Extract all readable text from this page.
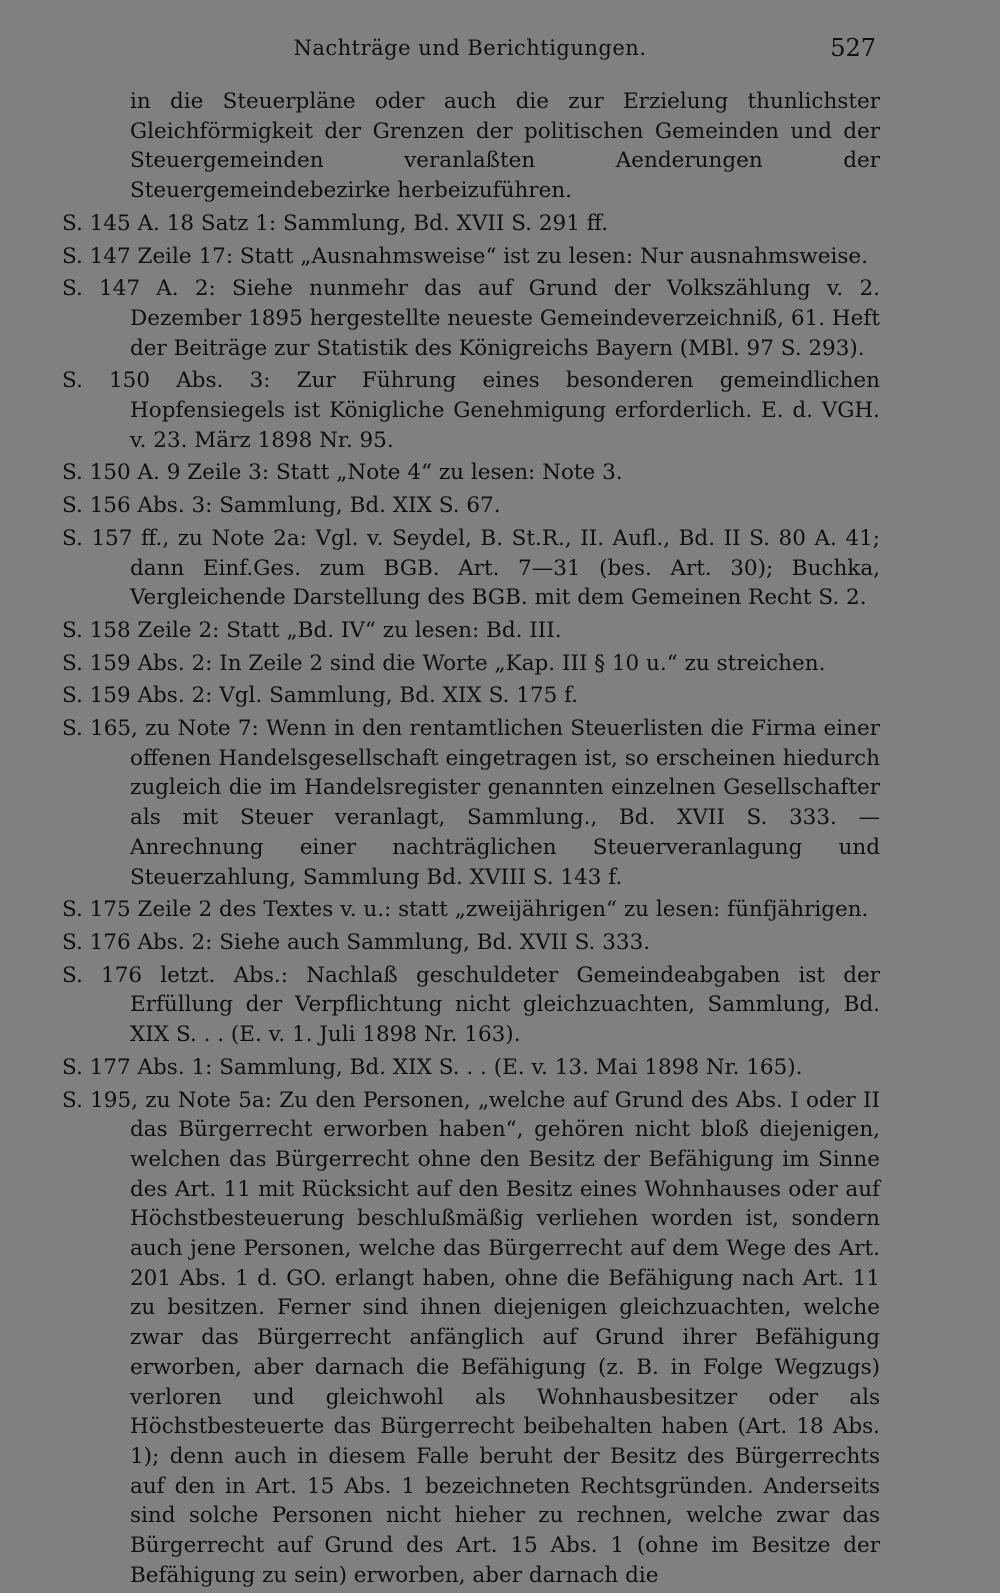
Nachträge und Berichtigungen.	527

in die Steuerpläne oder auch die zur Erzielung thunlichster Gleichförmigkeit der Grenzen der politischen Gemeinden und der Steuergemeinden veranlaßten Aenderungen der Steuergemeindebezirke herbeizuführen.

S. 145 A. 18 Satz 1: Sammlung, Bd. XVII S. 291 ff.

S. 147 Zeile 17: Statt „Ausnahmsweise“ ist zu lesen: Nur ausnahmsweise.

S. 147 A. 2: Siehe nunmehr das auf Grund der Volkszählung v. 2. Dezember 1895 hergestellte neueste Gemeindeverzeichniß, 61. Heft der Beiträge zur Statistik des Königreichs Bayern (MBl. 97 S. 293).

S. 150 Abs. 3: Zur Führung eines besonderen gemeindlichen Hopfensiegels ist Königliche Genehmigung erforderlich. E. d. VGH. v. 23. März 1898 Nr. 95.

S. 150 A. 9 Zeile 3: Statt „Note 4“ zu lesen: Note 3.

S. 156 Abs. 3: Sammlung, Bd. XIX S. 67.

S. 157 ff., zu Note 2a: Vgl. v. Seydel, B. St.R., II. Aufl., Bd. II S. 80 A. 41; dann Einf.Ges. zum BGB. Art. 7—31 (bes. Art. 30); Buchka, Vergleichende Darstellung des BGB. mit dem Gemeinen Recht S. 2.

S. 158 Zeile 2: Statt „Bd. IV“ zu lesen: Bd. III.

S. 159 Abs. 2: In Zeile 2 sind die Worte „Kap. III § 10 u.“ zu streichen.

S. 159 Abs. 2: Vgl. Sammlung, Bd. XIX S. 175 f.

S. 165, zu Note 7: Wenn in den rentamtlichen Steuerlisten die Firma einer offenen Handelsgesellschaft eingetragen ist, so erscheinen hiedurch zugleich die im Handelsregister genannten einzelnen Gesellschafter als mit Steuer veranlagt, Sammlung., Bd. XVII S. 333. — Anrechnung einer nachträglichen Steuerveranlagung und Steuerzahlung, Sammlung Bd. XVIII S. 143 f.

S. 175 Zeile 2 des Textes v. u.: statt „zweijährigen“ zu lesen: fünfjährigen.

S. 176 Abs. 2: Siehe auch Sammlung, Bd. XVII S. 333.

S. 176 letzt. Abs.: Nachlaß geschuldeter Gemeindeabgaben ist der Erfüllung der Verpflichtung nicht gleichzuachten, Sammlung, Bd. XIX S. . . (E. v. 1. Juli 1898 Nr. 163).

S. 177 Abs. 1: Sammlung, Bd. XIX S. . . (E. v. 13. Mai 1898 Nr. 165).

S. 195, zu Note 5a: Zu den Personen, „welche auf Grund des Abs. I oder II das Bürgerrecht erworben haben“, gehören nicht bloß diejenigen, welchen das Bürgerrecht ohne den Besitz der Befähigung im Sinne des Art. 11 mit Rücksicht auf den Besitz eines Wohnhauses oder auf Höchstbesteuerung beschlußmäßig verliehen worden ist, sondern auch jene Personen, welche das Bürgerrecht auf dem Wege des Art. 201 Abs. 1 d. GO. erlangt haben, ohne die Befähigung nach Art. 11 zu besitzen. Ferner sind ihnen diejenigen gleichzuachten, welche zwar das Bürgerrecht anfänglich auf Grund ihrer Befähigung erworben, aber darnach die Befähigung (z. B. in Folge Wegzugs) verloren und gleichwohl als Wohnhausbesitzer oder als Höchstbesteuerte das Bürgerrecht beibehalten haben (Art. 18 Abs. 1); denn auch in diesem Falle beruht der Besitz des Bürgerrechts auf den in Art. 15 Abs. 1 bezeichneten Rechtsgründen. Anderseits sind solche Personen nicht hieher zu rechnen, welche zwar das Bürgerrecht auf Grund des Art. 15 Abs. 1 (ohne im Besitze der Befähigung zu sein) erworben, aber darnach die
